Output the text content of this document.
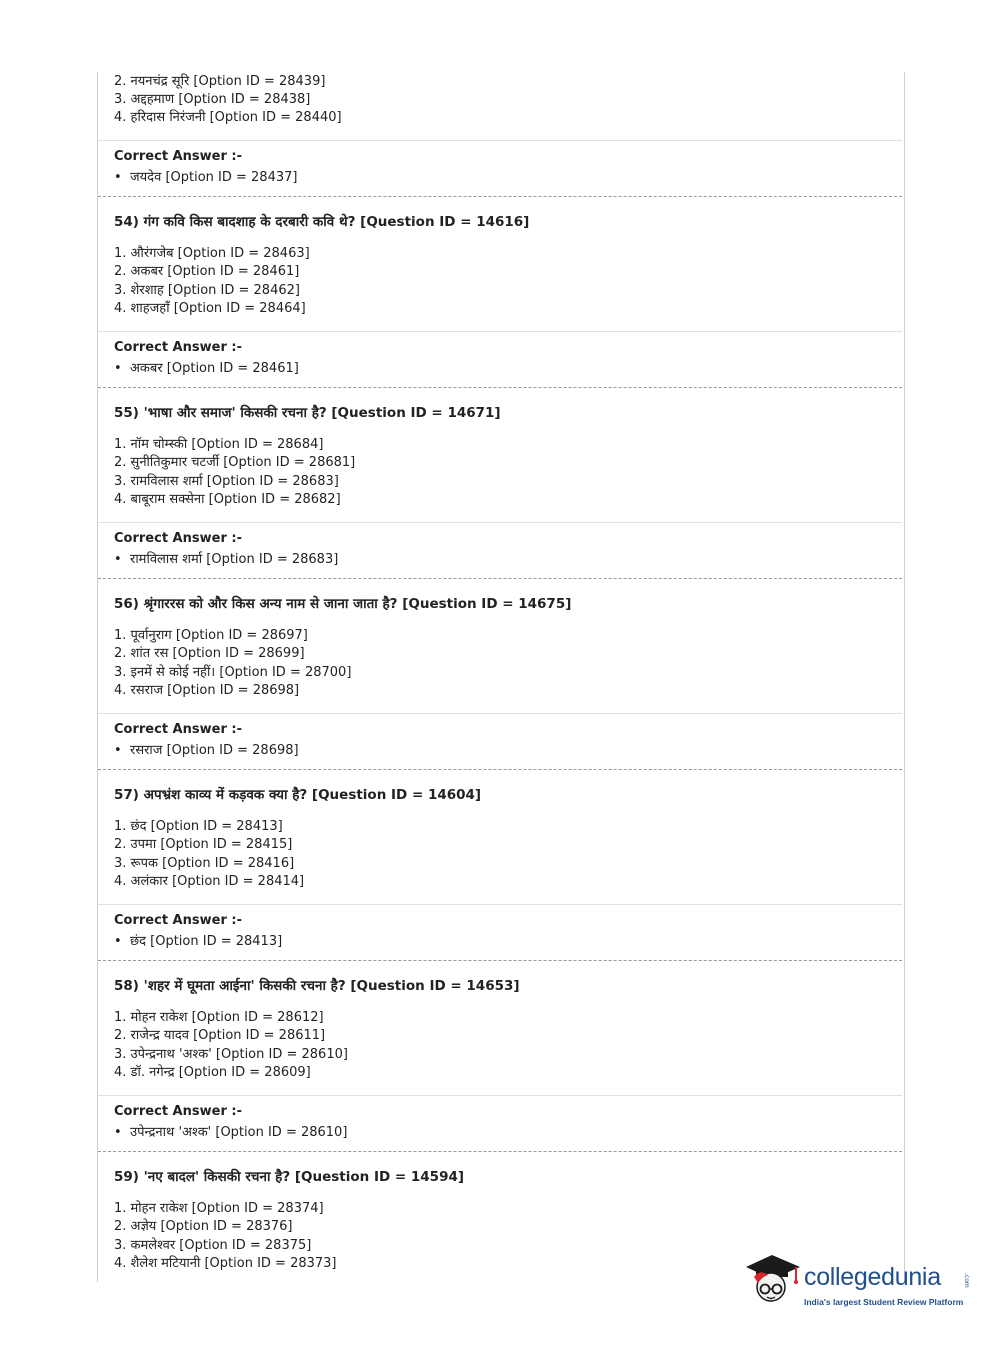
2. नयनचंद्र सूरि [Option ID = 28439]
3. अद्दहमाण [Option ID = 28438]
4. हरिदास निरंजनी [Option ID = 28440]
Correct Answer :-
• जयदेव [Option ID = 28437]
54) गंग कवि किस बादशाह के दरबारी कवि थे? [Question ID = 14616]
1. औरंगजेब [Option ID = 28463]
2. अकबर [Option ID = 28461]
3. शेरशाह [Option ID = 28462]
4. शाहजहाँ [Option ID = 28464]
Correct Answer :-
• अकबर [Option ID = 28461]
55) 'भाषा और समाज' किसकी रचना है? [Question ID = 14671]
1. नॉम चोम्स्की [Option ID = 28684]
2. सुनीतिकुमार चटर्जी [Option ID = 28681]
3. रामविलास शर्मा [Option ID = 28683]
4. बाबूराम सक्सेना [Option ID = 28682]
Correct Answer :-
• रामविलास शर्मा [Option ID = 28683]
56) श्रृंगाररस को और किस अन्य नाम से जाना जाता है? [Question ID = 14675]
1. पूर्वानुराग [Option ID = 28697]
2. शांत रस [Option ID = 28699]
3. इनमें से कोई नहीं। [Option ID = 28700]
4. रसराज [Option ID = 28698]
Correct Answer :-
• रसराज [Option ID = 28698]
57) अपभ्रंश काव्य में कड़वक क्या है? [Question ID = 14604]
1. छंद [Option ID = 28413]
2. उपमा [Option ID = 28415]
3. रूपक [Option ID = 28416]
4. अलंकार [Option ID = 28414]
Correct Answer :-
• छंद [Option ID = 28413]
58) 'शहर में घूमता आईना' किसकी रचना है? [Question ID = 14653]
1. मोहन राकेश [Option ID = 28612]
2. राजेन्द्र यादव [Option ID = 28611]
3. उपेन्द्रनाथ 'अश्क' [Option ID = 28610]
4. डॉ. नगेन्द्र [Option ID = 28609]
Correct Answer :-
• उपेन्द्रनाथ 'अश्क' [Option ID = 28610]
59) 'नए बादल' किसकी रचना है? [Question ID = 14594]
1. मोहन राकेश [Option ID = 28374]
2. अज्ञेय [Option ID = 28376]
3. कमलेश्वर [Option ID = 28375]
4. शैलेश मटियानी [Option ID = 28373]	collegedunia	.com
India's largest Student Review Platform
